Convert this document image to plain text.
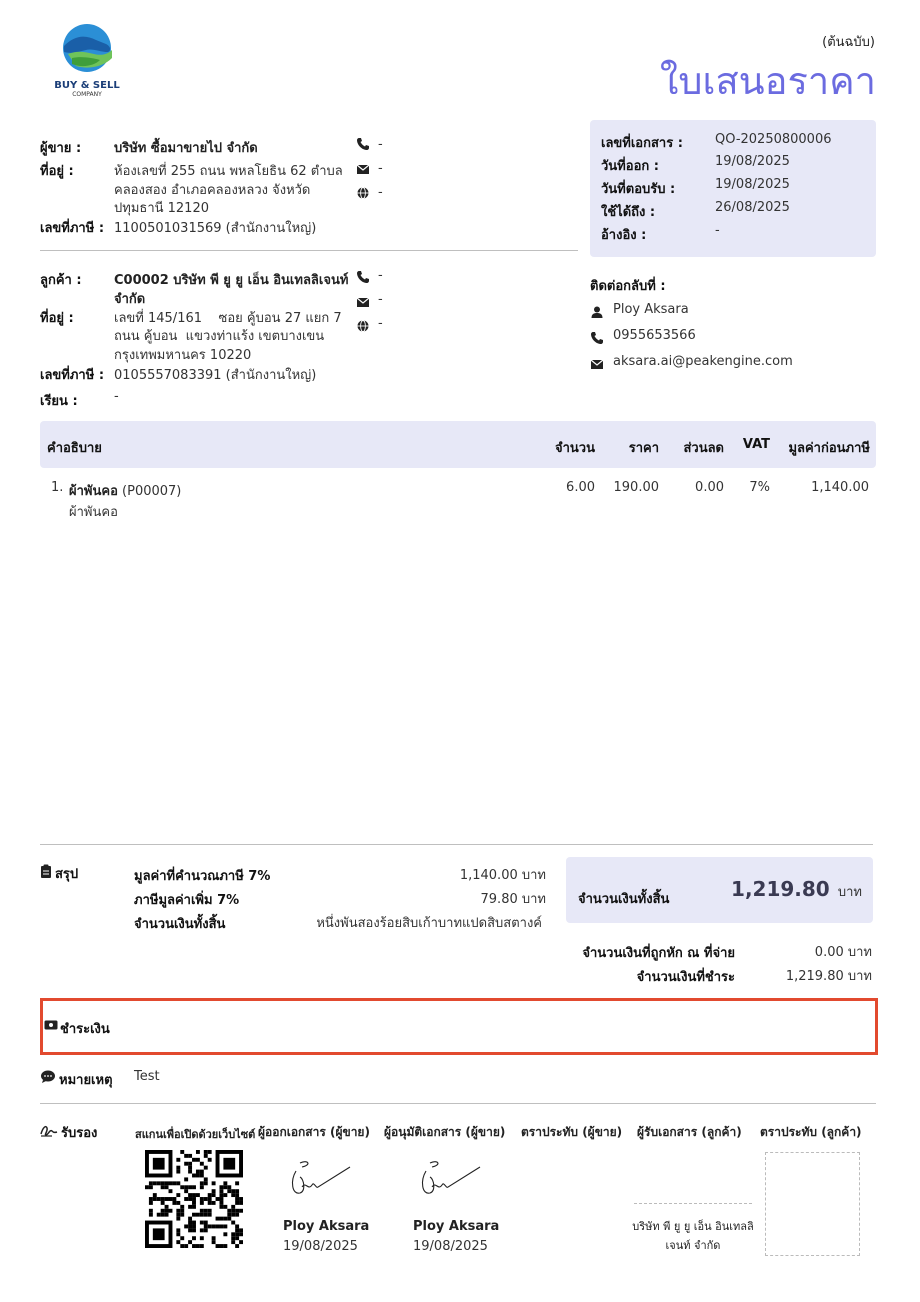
BUY & SELL
COMPANY
(ต้นฉบับ)
ใบเสนอราคา
ผู้ขาย :	บริษัท ซื้อมาขายไป จำกัด
ที่อยู่ :	ห้องเลขที่ 255 ถนน พหลโยธิน 62 ตำบล
คลองสอง อำเภอคลองหลวง จังหวัด
ปทุมธานี 12120
เลขที่ภาษี : 1100501031569 (สำนักงานใหญ่)
-
-
-
ลูกค้า : C00002 บริษัท พี ยู ยู เอ็น อินเทลลิเจนท์
จำกัด
ที่อยู่ :	เลขที่ 145/161    ซอย คู้บอน 27 แยก 7
ถนน คู้บอน  แขวงท่าแร้ง เขตบางเขน
กรุงเทพมหานคร 10220
เลขที่ภาษี : 0105557083391 (สำนักงานใหญ่)
เรียน :	-
-
-
-
เลขที่เอกสาร : QO-20250800006
วันที่ออก :	19/08/2025
วันที่ตอบรับ :	19/08/2025
ใช้ได้ถึง :	26/08/2025
อ้างอิง :	-
ติดต่อกลับที่ :
Ploy Aksara
0955653566
aksara.ai@peakengine.com
คำอธิบาย	จำนวน	ราคา ส่วนลด VAT มูลค่าก่อนภาษี
1. ผ้าพันคอ (P00007)
ผ้าพันคอ
6.00 190.00	0.00 7%	1,140.00
สรุป	มูลค่าที่คำนวณภาษี 7%	1,140.00 บาท
ภาษีมูลค่าเพิ่ม 7%	79.80 บาท
จำนวนเงินทั้งสิ้น	หนึ่งพันสองร้อยสิบเก้าบาทแปดสิบสตางค์
จำนวนเงินทั้งสิ้น	1,219.80 บาท
จำนวนเงินที่ถูกหัก ณ ที่จ่าย	0.00 บาท
จำนวนเงินที่ชำระ	1,219.80 บาท
ชำระเงิน
หมายเหตุ Test
รับรอง	สแกนเพื่อเปิดด้วยเว็บไซต์ ผู้ออกเอกสาร (ผู้ขาย)
Ploy Aksara
19/08/2025
ผู้อนุมัติเอกสาร (ผู้ขาย)
Ploy Aksara
19/08/2025
ตราประทับ (ผู้ขาย) ผู้รับเอกสาร (ลูกค้า)
บริษัท พี ยู ยู เอ็น อินเทลลิ
เจนท์ จำกัด
ตราประทับ (ลูกค้า)
